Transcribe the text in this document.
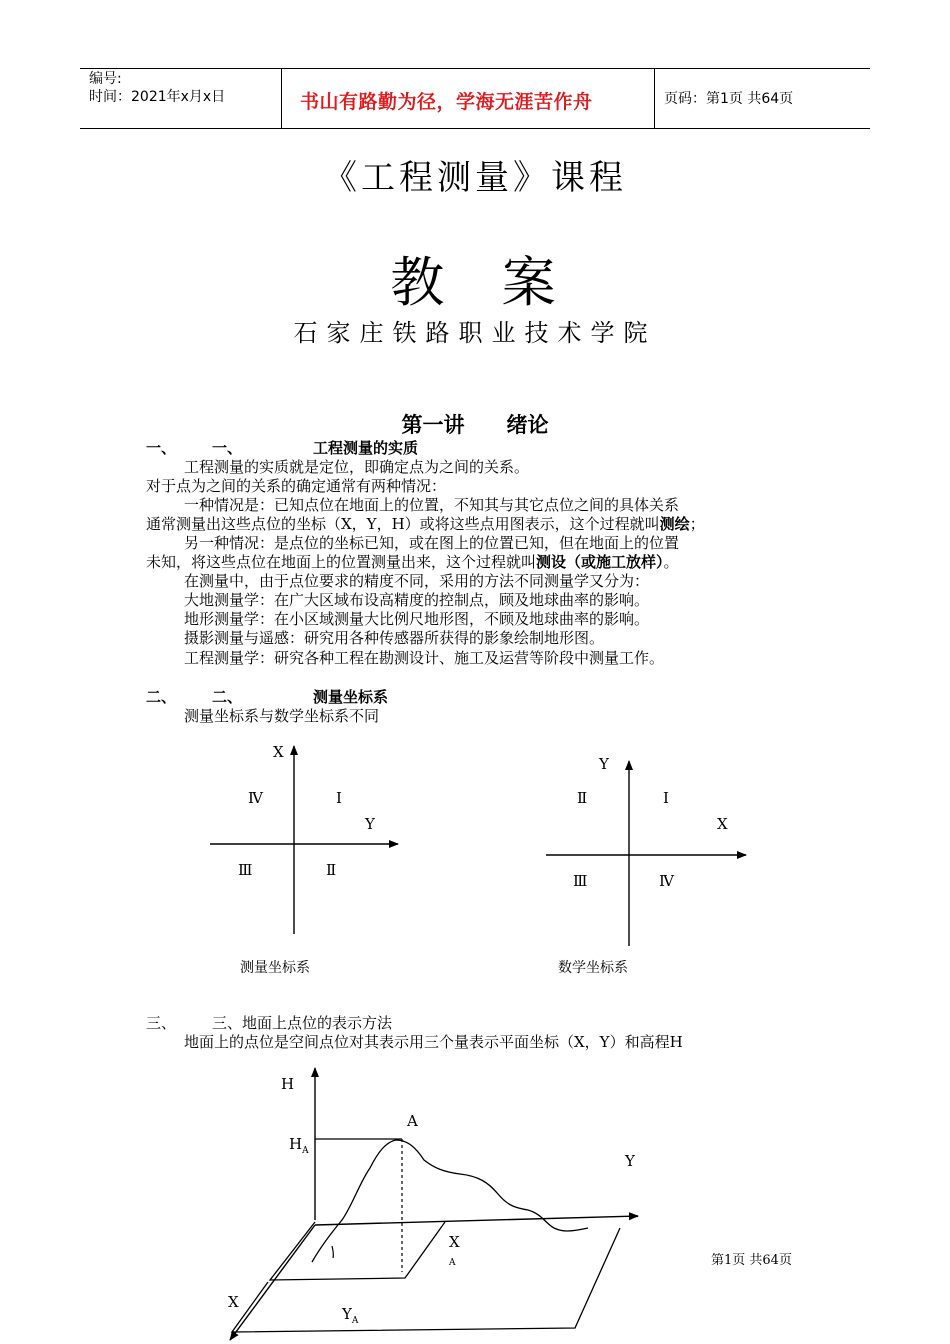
编号:
时间：2021年x月x日	书山有路勤为径，学海无涯苦作舟	页码：第1页 共64页
《工程测量》课程
教 案
石家庄铁路职业技术学院
第一讲　　绪论
一、 一、	工程测量的实质
工程测量的实质就是定位，即确定点为之间的关系。
对于点为之间的关系的确定通常有两种情况：
一种情况是：已知点位在地面上的位置，不知其与其它点位之间的具体关系
通常测量出这些点位的坐标（X，Y，H）或将这些点用图表示，这个过程就叫测绘；
另一种情况：是点位的坐标已知，或在图上的位置已知，但在地面上的位置
未知，将这些点位在地面上的位置测量出来，这个过程就叫测设（或施工放样）。
在测量中，由于点位要求的精度不同，采用的方法不同测量学又分为：
大地测量学：在广大区域布设高精度的控制点，顾及地球曲率的影响。
地形测量学：在小区域测量大比例尺地形图，不顾及地球曲率的影响。
摄影测量与遥感：研究用各种传感器所获得的影象绘制地形图。
工程测量学：研究各种工程在勘测设计、施工及运营等阶段中测量工作。
二、 二、	测量坐标系
测量坐标系与数学坐标系不同
X
Y
Ⅳ	Ⅰ
Ⅲ	Ⅱ
测量坐标系
Y
X
Ⅱ	Ⅰ
Ⅲ	Ⅳ
数学坐标系
三、 三、地面上点位的表示方法
地面上的点位是空间点位对其表示用三个量表示平面坐标（X，Y）和高程H
H
A
$H_A$
Y
X
A
X
$Y_A$
第1页 共64页
